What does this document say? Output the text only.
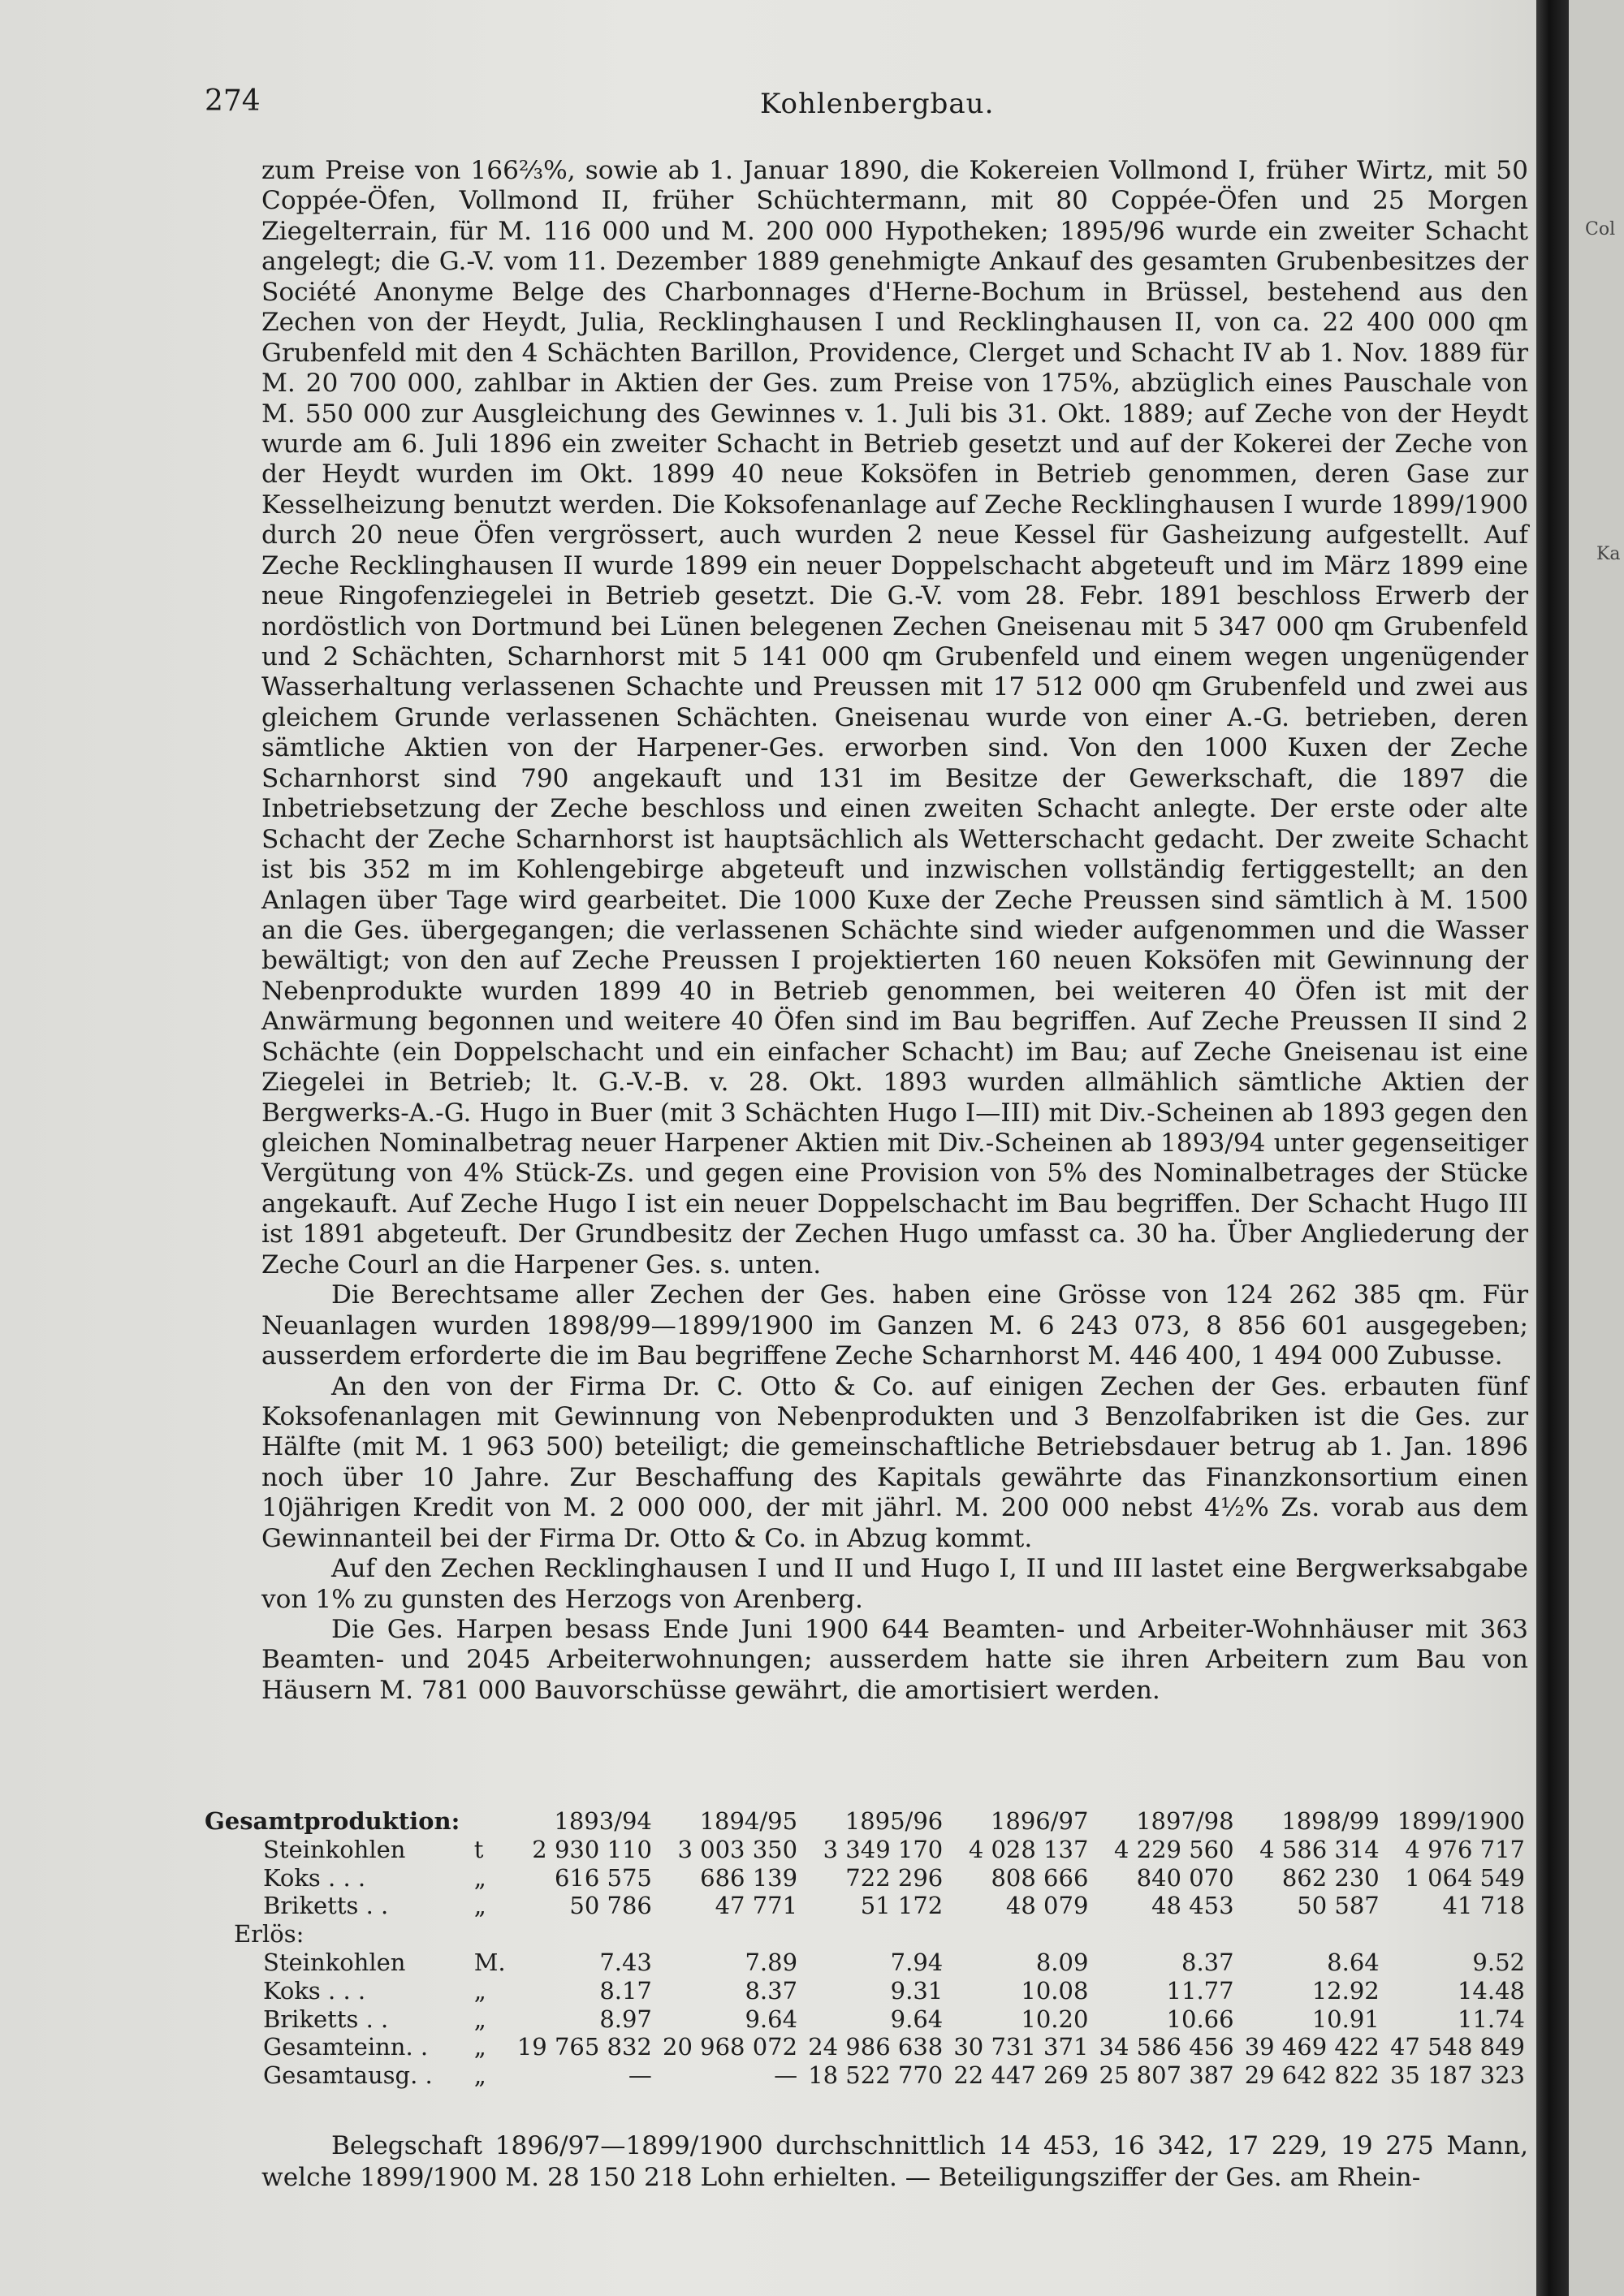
Col
Ka
274	Kohlenbergbau.

zum Preise von 166⅔%, sowie ab 1. Januar 1890, die Kokereien Vollmond I, früher Wirtz, mit 50 Coppée-Öfen, Vollmond II, früher Schüchtermann, mit 80 Coppée-Öfen und 25 Morgen Ziegelterrain, für M. 116 000 und M. 200 000 Hypotheken; 1895/96 wurde ein zweiter Schacht angelegt; die G.-V. vom 11. Dezember 1889 genehmigte Ankauf des gesamten Grubenbesitzes der Société Anonyme Belge des Charbonnages d'Herne-Bochum in Brüssel, bestehend aus den Zechen von der Heydt, Julia, Recklinghausen I und Recklinghausen II, von ca. 22 400 000 qm Grubenfeld mit den 4 Schächten Barillon, Providence, Clerget und Schacht IV ab 1. Nov. 1889 für M. 20 700 000, zahlbar in Aktien der Ges. zum Preise von 175%, abzüglich eines Pauschale von M. 550 000 zur Ausgleichung des Gewinnes v. 1. Juli bis 31. Okt. 1889; auf Zeche von der Heydt wurde am 6. Juli 1896 ein zweiter Schacht in Betrieb gesetzt und auf der Kokerei der Zeche von der Heydt wurden im Okt. 1899 40 neue Koksöfen in Betrieb genommen, deren Gase zur Kesselheizung benutzt werden. Die Koksofenanlage auf Zeche Recklinghausen I wurde 1899/1900 durch 20 neue Öfen vergrössert, auch wurden 2 neue Kessel für Gasheizung aufgestellt. Auf Zeche Recklinghausen II wurde 1899 ein neuer Doppelschacht abgeteuft und im März 1899 eine neue Ringofenziegelei in Betrieb gesetzt. Die G.-V. vom 28. Febr. 1891 beschloss Erwerb der nordöstlich von Dortmund bei Lünen belegenen Zechen Gneisenau mit 5 347 000 qm Grubenfeld und 2 Schächten, Scharnhorst mit 5 141 000 qm Grubenfeld und einem wegen ungenügender Wasserhaltung verlassenen Schachte und Preussen mit 17 512 000 qm Grubenfeld und zwei aus gleichem Grunde verlassenen Schächten. Gneisenau wurde von einer A.-G. betrieben, deren sämtliche Aktien von der Harpener-Ges. erworben sind. Von den 1000 Kuxen der Zeche Scharnhorst sind 790 angekauft und 131 im Besitze der Gewerkschaft, die 1897 die Inbetriebsetzung der Zeche beschloss und einen zweiten Schacht anlegte. Der erste oder alte Schacht der Zeche Scharnhorst ist hauptsächlich als Wetterschacht gedacht. Der zweite Schacht ist bis 352 m im Kohlengebirge abgeteuft und inzwischen vollständig fertiggestellt; an den Anlagen über Tage wird gearbeitet. Die 1000 Kuxe der Zeche Preussen sind sämtlich à M. 1500 an die Ges. übergegangen; die verlassenen Schächte sind wieder aufgenommen und die Wasser bewältigt; von den auf Zeche Preussen I projektierten 160 neuen Koksöfen mit Gewinnung der Nebenprodukte wurden 1899 40 in Betrieb genommen, bei weiteren 40 Öfen ist mit der Anwärmung begonnen und weitere 40 Öfen sind im Bau begriffen. Auf Zeche Preussen II sind 2 Schächte (ein Doppelschacht und ein einfacher Schacht) im Bau; auf Zeche Gneisenau ist eine Ziegelei in Betrieb; lt. G.-V.-B. v. 28. Okt. 1893 wurden allmählich sämtliche Aktien der Bergwerks-A.-G. Hugo in Buer (mit 3 Schächten Hugo I—III) mit Div.-Scheinen ab 1893 gegen den gleichen Nominalbetrag neuer Harpener Aktien mit Div.-Scheinen ab 1893/94 unter gegenseitiger Vergütung von 4% Stück-Zs. und gegen eine Provision von 5% des Nominalbetrages der Stücke angekauft. Auf Zeche Hugo I ist ein neuer Doppelschacht im Bau begriffen. Der Schacht Hugo III ist 1891 abgeteuft. Der Grundbesitz der Zechen Hugo umfasst ca. 30 ha. Über Angliederung der Zeche Courl an die Harpener Ges. s. unten.

Die Berechtsame aller Zechen der Ges. haben eine Grösse von 124 262 385 qm. Für Neuanlagen wurden 1898/99—1899/1900 im Ganzen M. 6 243 073, 8 856 601 ausgegeben; ausserdem erforderte die im Bau begriffene Zeche Scharnhorst M. 446 400, 1 494 000 Zubusse.

An den von der Firma Dr. C. Otto & Co. auf einigen Zechen der Ges. erbauten fünf Koksofenanlagen mit Gewinnung von Nebenprodukten und 3 Benzolfabriken ist die Ges. zur Hälfte (mit M. 1 963 500) beteiligt; die gemeinschaftliche Betriebsdauer betrug ab 1. Jan. 1896 noch über 10 Jahre. Zur Beschaffung des Kapitals gewährte das Finanzkonsortium einen 10jährigen Kredit von M. 2 000 000, der mit jährl. M. 200 000 nebst 4½% Zs. vorab aus dem Gewinnanteil bei der Firma Dr. Otto & Co. in Abzug kommt.

Auf den Zechen Recklinghausen I und II und Hugo I, II und III lastet eine Bergwerksabgabe von 1% zu gunsten des Herzogs von Arenberg.

Die Ges. Harpen besass Ende Juni 1900 644 Beamten- und Arbeiter-Wohnhäuser mit 363 Beamten- und 2045 Arbeiterwohnungen; ausserdem hatte sie ihren Arbeitern zum Bau von Häusern M. 781 000 Bauvorschüsse gewährt, die amortisiert werden.

Gesamtproduktion:		1893/94	1894/95	1895/96	1896/97	1897/98	1898/99	1899/1900
Steinkohlen	t	2 930 110	3 003 350	3 349 170	4 028 137	4 229 560	4 586 314	4 976 717
Koks . . .	„	616 575	686 139	722 296	808 666	840 070	862 230	1 064 549
Briketts . .	„	50 786	47 771	51 172	48 079	48 453	50 587	41 718
Erlös:								
Steinkohlen	M.	7.43	7.89	7.94	8.09	8.37	8.64	9.52
Koks . . .	„	8.17	8.37	9.31	10.08	11.77	12.92	14.48
Briketts . .	„	8.97	9.64	9.64	10.20	10.66	10.91	11.74
Gesamteinn. .	„	19 765 832	20 968 072	24 986 638	30 731 371	34 586 456	39 469 422	47 548 849
Gesamtausg. .	„	—	—	18 522 770	22 447 269	25 807 387	29 642 822	35 187 323

Belegschaft 1896/97—1899/1900 durchschnittlich 14 453, 16 342, 17 229, 19 275 Mann, welche 1899/1900 M. 28 150 218 Lohn erhielten. — Beteiligungsziffer der Ges. am Rhein-
